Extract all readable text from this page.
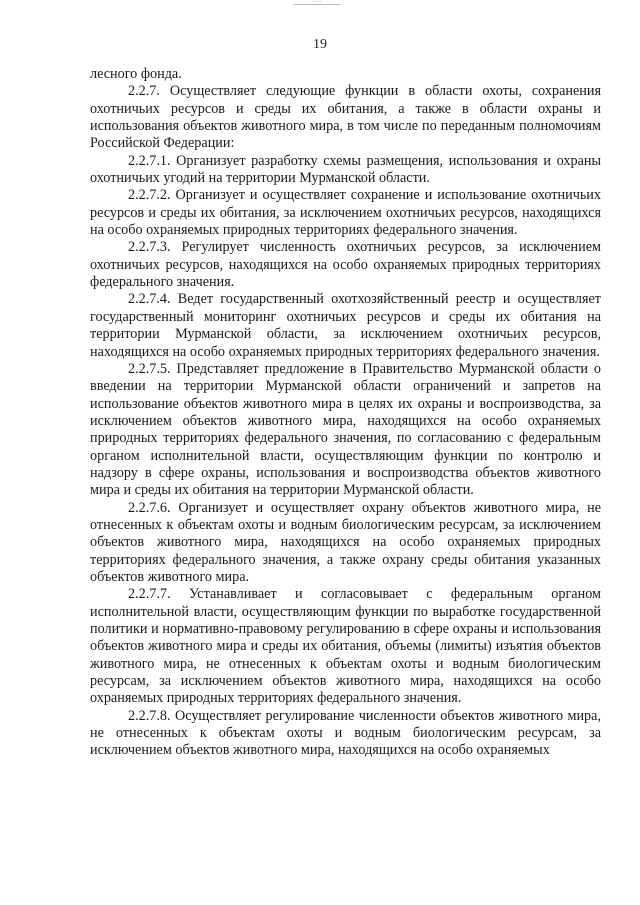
19

лесного фонда.

2.2.7. Осуществляет следующие функции в области охоты, сохранения охотничьих ресурсов и среды их обитания, а также в области охраны и использования объектов животного мира, в том числе по переданным полномочиям Российской Федерации:

2.2.7.1. Организует разработку схемы размещения, использования и охраны охотничьих угодий на территории Мурманской области.

2.2.7.2. Организует и осуществляет сохранение и использование охотничьих ресурсов и среды их обитания, за исключением охотничьих ресурсов, находящихся на особо охраняемых природных территориях федерального значения.

2.2.7.3. Регулирует численность охотничьих ресурсов, за исключением охотничьих ресурсов, находящихся на особо охраняемых природных территориях федерального значения.

2.2.7.4. Ведет государственный охотхозяйственный реестр и осуществляет государственный мониторинг охотничьих ресурсов и среды их обитания на территории Мурманской области, за исключением охотничьих ресурсов, находящихся на особо охраняемых природных территориях федерального значения.

2.2.7.5. Представляет предложение в Правительство Мурманской области о введении на территории Мурманской области ограничений и запретов на использование объектов животного мира в целях их охраны и воспроизводства, за исключением объектов животного мира, находящихся на особо охраняемых природных территориях федерального значения, по согласованию с федеральным органом исполнительной власти, осуществляющим функции по контролю и надзору в сфере охраны, использования и воспроизводства объектов животного мира и среды их обитания на территории Мурманской области.

2.2.7.6. Организует и осуществляет охрану объектов животного мира, не отнесенных к объектам охоты и водным биологическим ресурсам, за исключением объектов животного мира, находящихся на особо охраняемых природных территориях федерального значения, а также охрану среды обитания указанных объектов животного мира.

2.2.7.7. Устанавливает и согласовывает с федеральным органом исполнительной власти, осуществляющим функции по выработке государственной политики и нормативно-правовому регулированию в сфере охраны и использования объектов животного мира и среды их обитания, объемы (лимиты) изъятия объектов животного мира, не отнесенных к объектам охоты и водным биологическим ресурсам, за исключением объектов животного мира, находящихся на особо охраняемых природных территориях федерального значения.

2.2.7.8. Осуществляет регулирование численности объектов животного мира, не отнесенных к объектам охоты и водным биологическим ресурсам, за исключением объектов животного мира, находящихся на особо охраняемых
